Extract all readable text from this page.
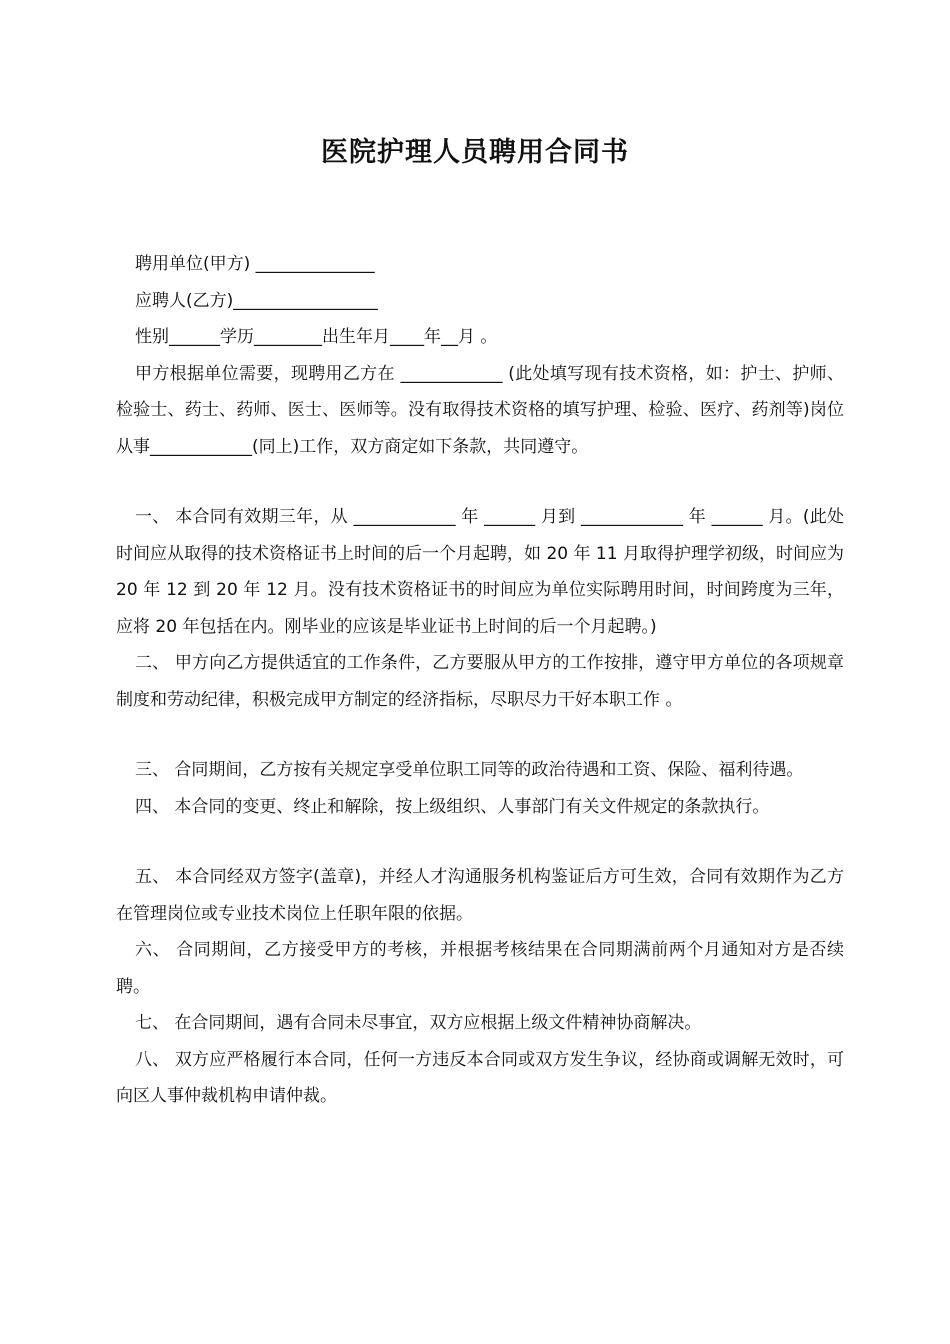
医院护理人员聘用合同书

聘用单位(甲方) ______________

应聘人(乙方)_________________

性别______学历________出生年月____年__月 。

甲方根据单位需要，现聘用乙方在 ____________ (此处填写现有技术资格，如：护士、护师、检验士、药士、药师、医士、医师等。没有取得技术资格的填写护理、检验、医疗、药剂等)岗位从事____________(同上)工作，双方商定如下条款，共同遵守。

一、 本合同有效期三年，从 ____________ 年 ______ 月到 ____________ 年 ______ 月。(此处时间应从取得的技术资格证书上时间的后一个月起聘，如 20 年 11 月取得护理学初级，时间应为 20 年 12 到 20 年 12 月。没有技术资格证书的时间应为单位实际聘用时间，时间跨度为三年，应将 20 年包括在内。刚毕业的应该是毕业证书上时间的后一个月起聘。)

二、 甲方向乙方提供适宜的工作条件，乙方要服从甲方的工作按排，遵守甲方单位的各项规章制度和劳动纪律，积极完成甲方制定的经济指标，尽职尽力干好本职工作 。

三、 合同期间，乙方按有关规定享受单位职工同等的政治待遇和工资、保险、福利待遇。

四、 本合同的变更、终止和解除，按上级组织、人事部门有关文件规定的条款执行。

五、 本合同经双方签字(盖章)，并经人才沟通服务机构鉴证后方可生效，合同有效期作为乙方在管理岗位或专业技术岗位上任职年限的依据。

六、 合同期间，乙方接受甲方的考核，并根据考核结果在合同期满前两个月通知对方是否续聘。

七、 在合同期间，遇有合同未尽事宜，双方应根据上级文件精神协商解决。

八、 双方应严格履行本合同，任何一方违反本合同或双方发生争议，经协商或调解无效时，可向区人事仲裁机构申请仲裁。
